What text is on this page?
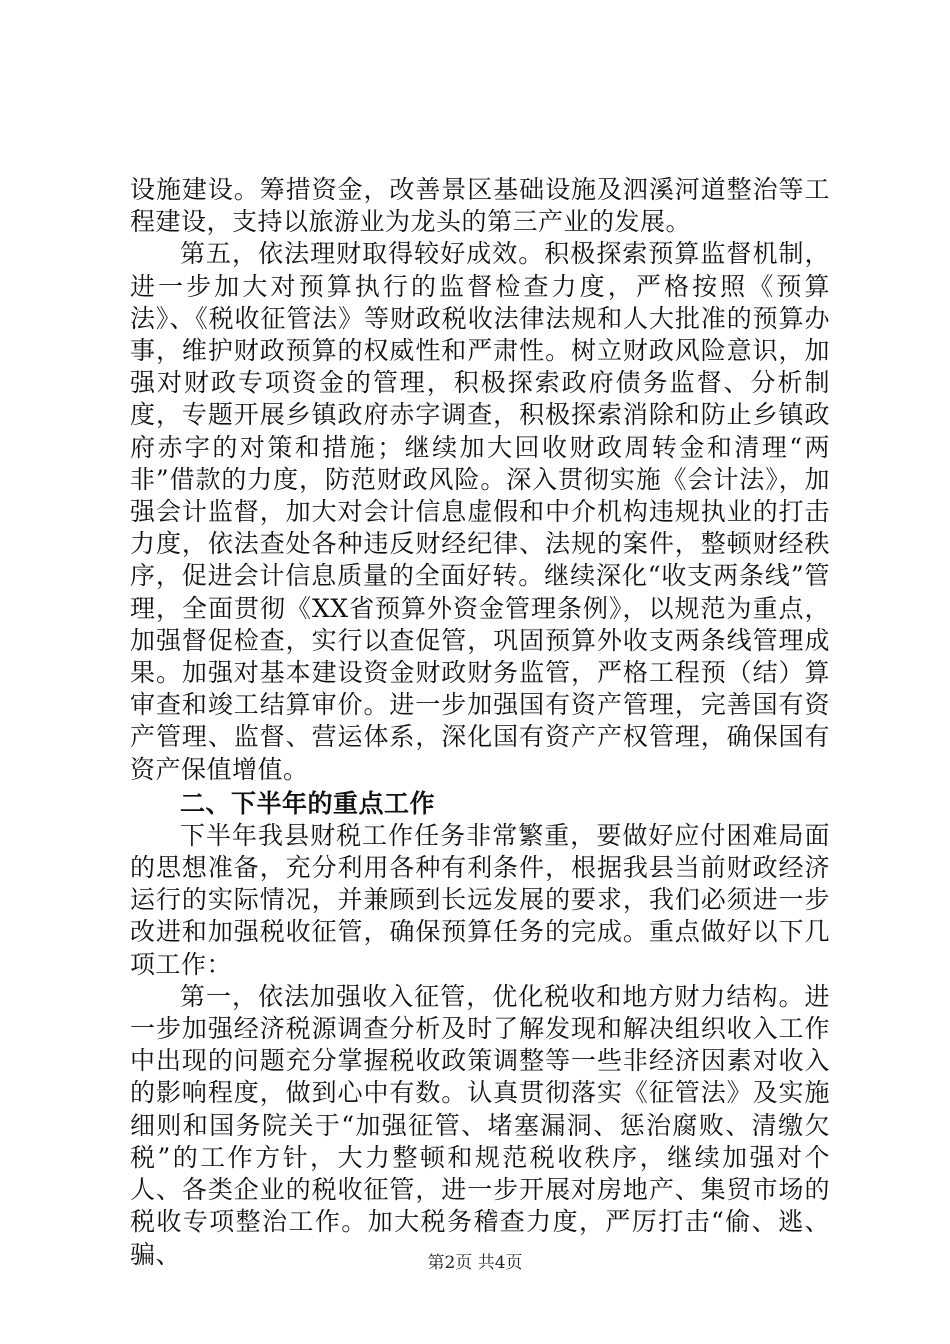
设施建设。筹措资金，改善景区基础设施及泗溪河道整治等工程建设，支持以旅游业为龙头的第三产业的发展。

第五，依法理财取得较好成效。积极探索预算监督机制，进一步加大对预算执行的监督检查力度，严格按照《预算法》、《税收征管法》等财政税收法律法规和人大批准的预算办事，维护财政预算的权威性和严肃性。树立财政风险意识，加强对财政专项资金的管理，积极探索政府债务监督、分析制度，专题开展乡镇政府赤字调查，积极探索消除和防止乡镇政府赤字的对策和措施；继续加大回收财政周转金和清理“两非”借款的力度，防范财政风险。深入贯彻实施《会计法》，加强会计监督，加大对会计信息虚假和中介机构违规执业的打击力度，依法查处各种违反财经纪律、法规的案件，整顿财经秩序，促进会计信息质量的全面好转。继续深化“收支两条线”管理，全面贯彻《XX省预算外资金管理条例》，以规范为重点，加强督促检查，实行以查促管，巩固预算外收支两条线管理成果。加强对基本建设资金财政财务监管，严格工程预（结）算审查和竣工结算审价。进一步加强国有资产管理，完善国有资产管理、监督、营运体系，深化国有资产产权管理，确保国有资产保值增值。

二、下半年的重点工作

下半年我县财税工作任务非常繁重，要做好应付困难局面的思想准备，充分利用各种有利条件，根据我县当前财政经济运行的实际情况，并兼顾到长远发展的要求，我们必须进一步改进和加强税收征管，确保预算任务的完成。重点做好以下几项工作：

第一，依法加强收入征管，优化税收和地方财力结构。进一步加强经济税源调查分析及时了解发现和解决组织收入工作中出现的问题充分掌握税收政策调整等一些非经济因素对收入的影响程度，做到心中有数。认真贯彻落实《征管法》及实施细则和国务院关于“加强征管、堵塞漏洞、惩治腐败、清缴欠税”的工作方针，大力整顿和规范税收秩序，继续加强对个人、各类企业的税收征管，进一步开展对房地产、集贸市场的税收专项整治工作。加大税务稽查力度，严厉打击“偷、逃、骗、	第2页 共4页
